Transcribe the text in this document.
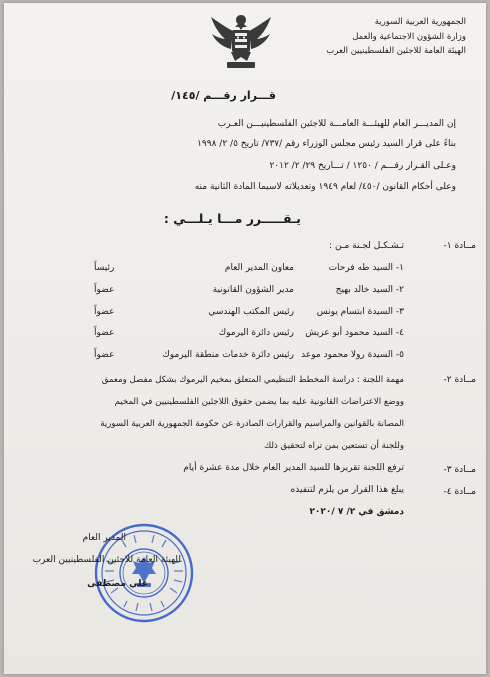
الجمهورية العربية السورية
وزارة الشؤون الاجتماعية والعمل
الهيئة العامة للاجئين الفلسطينيين العرب
قـــرار رقـــم /١٤٥/
إن المديـــر العام للهيئـــة العامـــة للاجئين الفلسطينيـــن العـرب
بناءً على قرار السيد رئيس مجلس الوزراء رقم /٧٣٧/ تاريخ ٥/ ٢/ ١٩٩٨
وعـلى القـرار رقـــم / ١٢٥٠ / تـــاريخ ٢٩/ ٢/ ٢٠١٢
وعلى أحكام القانون /٤٥٠/ لعام ١٩٤٩ وتعديلاته لاسيما المادة الثانية منه
يـقـــــرر مـــا يـلـــي :
مــادة ١-
تـشـكـل لجـنة مـن :
١- السيد طه فرحات
معاون المدير العام
رئيساً
٢- السيد خالد بهيج
مدير الشؤون القانونية
عضواً
٣- السيدة ابتسام يونس
رئيس المكتب الهندسي
عضواً
٤- السيد محمود أبو عريش
رئيس دائرة اليرموك
عضواً
٥- السيدة رولا محمود موعد
رئيس دائرة خدمات منطقة اليرموك
عضواً
مــادة ٢-
مهمة اللجنة : دراسة المخطط التنظيمي المتعلق بمخيم اليرموك بشكل مفصل ومعمق
ووضع الاعتراضات القانونية عليه بما يضمن حقوق اللاجئين الفلسطينيين في المخيم
المصانة بالقوانين والمراسيم والقرارات الصادرة عن حكومة الجمهورية العربية السورية
وللجنة أن تستعين بمن تراه لتحقيق ذلك
مــادة ٣-
ترفع اللجنة تقريرها للسيد المدير العام خلال مدة عشرة أيام
مــادة ٤-
يبلغ هذا القرار من يلزم لتنفيذه
دمشق في ٢/ ٧ /٢٠٢٠
المدير العام
للهيئة العامة للاجئين الفلسطينيين العرب
علي مصطفى
